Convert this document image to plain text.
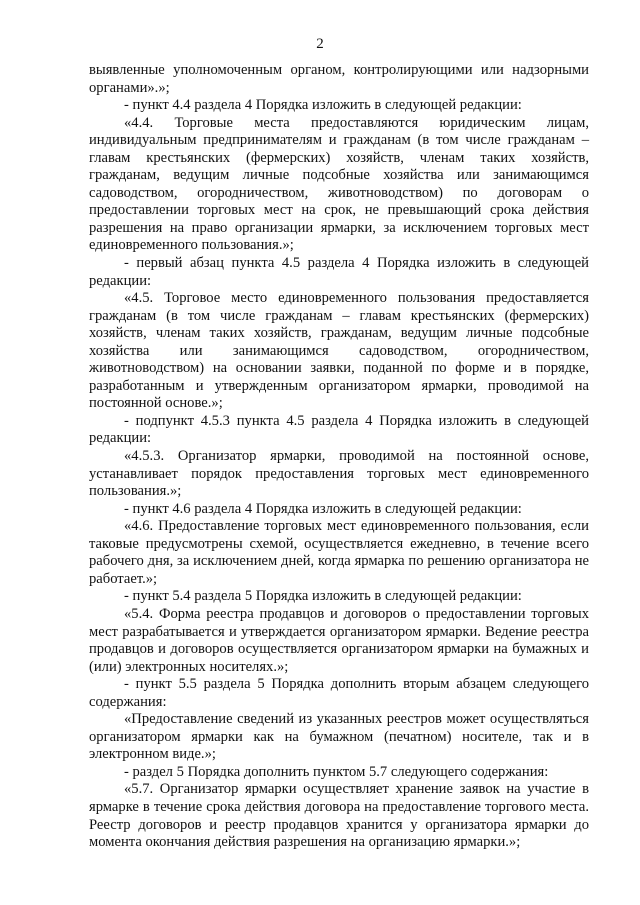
2

выявленные уполномоченным органом, контролирующими или надзорными органами».»;

- пункт 4.4 раздела 4 Порядка изложить в следующей редакции:

«4.4. Торговые места предоставляются юридическим лицам, индивидуальным предпринимателям и гражданам (в том числе гражданам – главам крестьянских (фермерских) хозяйств, членам таких хозяйств, гражданам, ведущим личные подсобные хозяйства или занимающимся садоводством, огородничеством, животноводством) по договорам о предоставлении торговых мест на срок, не превышающий срока действия разрешения на право организации ярмарки, за исключением торговых мест единовременного пользования.»;

- первый абзац пункта 4.5 раздела 4 Порядка изложить в следующей редакции:

«4.5. Торговое место единовременного пользования предоставляется гражданам (в том числе гражданам – главам крестьянских (фермерских) хозяйств, членам таких хозяйств, гражданам, ведущим личные подсобные хозяйства или занимающимся садоводством, огородничеством, животноводством) на основании заявки, поданной по форме и в порядке, разработанным и утвержденным организатором ярмарки, проводимой на постоянной основе.»;

- подпункт 4.5.3 пункта 4.5 раздела 4 Порядка изложить в следующей редакции:

«4.5.3. Организатор ярмарки, проводимой на постоянной основе, устанавливает порядок предоставления торговых мест единовременного пользования.»;

- пункт 4.6 раздела 4 Порядка изложить в следующей редакции:

«4.6. Предоставление торговых мест единовременного пользования, если таковые предусмотрены схемой, осуществляется ежедневно, в течение всего рабочего дня, за исключением дней, когда ярмарка по решению организатора не работает.»;

- пункт 5.4 раздела 5 Порядка изложить в следующей редакции:

«5.4. Форма реестра продавцов и договоров о предоставлении торговых мест разрабатывается и утверждается организатором ярмарки. Ведение реестра продавцов и договоров осуществляется организатором ярмарки на бумажных и (или) электронных носителях.»;

- пункт 5.5 раздела 5 Порядка дополнить вторым абзацем следующего содержания:

«Предоставление сведений из указанных реестров может осуществляться организатором ярмарки как на бумажном (печатном) носителе, так и в электронном виде.»;

- раздел 5 Порядка дополнить пунктом 5.7 следующего содержания:

«5.7. Организатор ярмарки осуществляет хранение заявок на участие в ярмарке в течение срока действия договора на предоставление торгового места. Реестр договоров и реестр продавцов хранится у организатора ярмарки до момента окончания действия разрешения на организацию ярмарки.»;
